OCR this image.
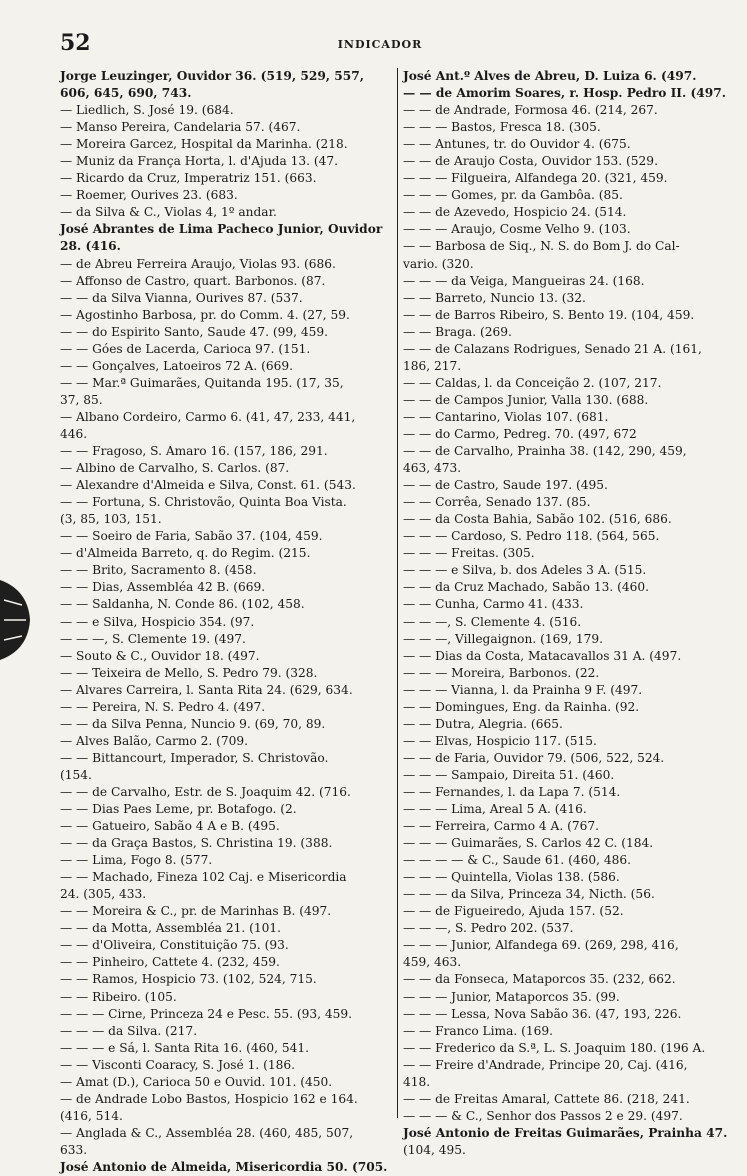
52	INDICADOR
Jorge Leuzinger, Ouvidor 36. (519, 529, 557,
606, 645, 690, 743.
— Liedlich, S. José 19. (684.
— Manso Pereira, Candelaria 57. (467.
— Moreira Garcez, Hospital da Marinha. (218.
— Muniz da França Horta, l. d'Ajuda 13. (47.
— Ricardo da Cruz, Imperatriz 151. (663.
— Roemer, Ourives 23. (683.
— da Silva & C., Violas 4, 1º andar.
José Abrantes de Lima Pacheco Junior, Ouvidor
28. (416.
— de Abreu Ferreira Araujo, Violas 93. (686.
— Affonso de Castro, quart. Barbonos. (87.
— — da Silva Vianna, Ourives 87. (537.
— Agostinho Barbosa, pr. do Comm. 4. (27, 59.
— — do Espirito Santo, Saude 47. (99, 459.
— — Góes de Lacerda, Carioca 97. (151.
— — Gonçalves, Latoeiros 72 A. (669.
— — Mar.ª Guimarães, Quitanda 195. (17, 35,
37, 85.
— Albano Cordeiro, Carmo 6. (41, 47, 233, 441,
446.
— — Fragoso, S. Amaro 16. (157, 186, 291.
— Albino de Carvalho, S. Carlos. (87.
— Alexandre d'Almeida e Silva, Const. 61. (543.
— — Fortuna, S. Christovão, Quinta Boa Vista.
(3, 85, 103, 151.
— — Soeiro de Faria, Sabão 37. (104, 459.
— d'Almeida Barreto, q. do Regim. (215.
— — Brito, Sacramento 8. (458.
— — Dias, Assembléa 42 B. (669.
— — Saldanha, N. Conde 86. (102, 458.
— — e Silva, Hospicio 354. (97.
— — —, S. Clemente 19. (497.
— Souto & C., Ouvidor 18. (497.
— — Teixeira de Mello, S. Pedro 79. (328.
— Alvares Carreira, l. Santa Rita 24. (629, 634.
— — Pereira, N. S. Pedro 4. (497.
— — da Silva Penna, Nuncio 9. (69, 70, 89.
— Alves Balão, Carmo 2. (709.
— — Bittancourt, Imperador, S. Christovão.
(154.
— — de Carvalho, Estr. de S. Joaquim 42. (716.
— — Dias Paes Leme, pr. Botafogo. (2.
— — Gatueiro, Sabão 4 A e B. (495.
— — da Graça Bastos, S. Christina 19. (388.
— — Lima, Fogo 8. (577.
— — Machado, Fineza 102 Caj. e Misericordia
24. (305, 433.
— — Moreira & C., pr. de Marinhas B. (497.
— — da Motta, Assembléa 21. (101.
— — d'Oliveira, Constituição 75. (93.
— — Pinheiro, Cattete 4. (232, 459.
— — Ramos, Hospicio 73. (102, 524, 715.
— — Ribeiro. (105.
— — — Cirne, Princeza 24 e Pesc. 55. (93, 459.
— — — da Silva. (217.
— — — e Sá, l. Santa Rita 16. (460, 541.
— — Visconti Coaracy, S. José 1. (186.
— Amat (D.), Carioca 50 e Ouvid. 101. (450.
— de Andrade Lobo Bastos, Hospicio 162 e 164.
(416, 514.
— Anglada & C., Assembléa 28. (460, 485, 507,
633.
José Antonio de Almeida, Misericordia 50. (705.
José Ant.º Alves de Abreu, D. Luiza 6. (497.
— — de Amorim Soares, r. Hosp. Pedro II. (497.
— — de Andrade, Formosa 46. (214, 267.
— — — Bastos, Fresca 18. (305.
— — Antunes, tr. do Ouvidor 4. (675.
— — de Araujo Costa, Ouvidor 153. (529.
— — — Filgueira, Alfandega 20. (321, 459.
— — — Gomes, pr. da Gambôa. (85.
— — de Azevedo, Hospicio 24. (514.
— — — Araujo, Cosme Velho 9. (103.
— — Barbosa de Siq., N. S. do Bom J. do Cal-
vario. (320.
— — — da Veiga, Mangueiras 24. (168.
— — Barreto, Nuncio 13. (32.
— — de Barros Ribeiro, S. Bento 19. (104, 459.
— — Braga. (269.
— — de Calazans Rodrigues, Senado 21 A. (161,
186, 217.
— — Caldas, l. da Conceição 2. (107, 217.
— — de Campos Junior, Valla 130. (688.
— — Cantarino, Violas 107. (681.
— — do Carmo, Pedreg. 70. (497, 672
— — de Carvalho, Prainha 38. (142, 290, 459,
463, 473.
— — de Castro, Saude 197. (495.
— — Corrêa, Senado 137. (85.
— — da Costa Bahia, Sabão 102. (516, 686.
— — — Cardoso, S. Pedro 118. (564, 565.
— — — Freitas. (305.
— — — e Silva, b. dos Adeles 3 A. (515.
— — da Cruz Machado, Sabão 13. (460.
— — Cunha, Carmo 41. (433.
— — —, S. Clemente 4. (516.
— — —, Villegaignon. (169, 179.
— — Dias da Costa, Matacavallos 31 A. (497.
— — — Moreira, Barbonos. (22.
— — — Vianna, l. da Prainha 9 F. (497.
— — Domingues, Eng. da Rainha. (92.
— — Dutra, Alegria. (665.
— — Elvas, Hospicio 117. (515.
— — de Faria, Ouvidor 79. (506, 522, 524.
— — — Sampaio, Direita 51. (460.
— — Fernandes, l. da Lapa 7. (514.
— — — Lima, Areal 5 A. (416.
— — Ferreira, Carmo 4 A. (767.
— — — Guimarães, S. Carlos 42 C. (184.
— — — — & C., Saude 61. (460, 486.
— — — Quintella, Violas 138. (586.
— — — da Silva, Princeza 34, Nicth. (56.
— — de Figueiredo, Ajuda 157. (52.
— — —, S. Pedro 202. (537.
— — — Junior, Alfandega 69. (269, 298, 416,
459, 463.
— — da Fonseca, Mataporcos 35. (232, 662.
— — — Junior, Mataporcos 35. (99.
— — — Lessa, Nova Sabão 36. (47, 193, 226.
— — Franco Lima. (169.
— — Frederico da S.ª, L. S. Joaquim 180. (196 A.
— — Freire d'Andrade, Principe 20, Caj. (416,
418.
— — de Freitas Amaral, Cattete 86. (218, 241.
— — — & C., Senhor dos Passos 2 e 29. (497.
José Antonio de Freitas Guimarães, Prainha 47.
(104, 495.
